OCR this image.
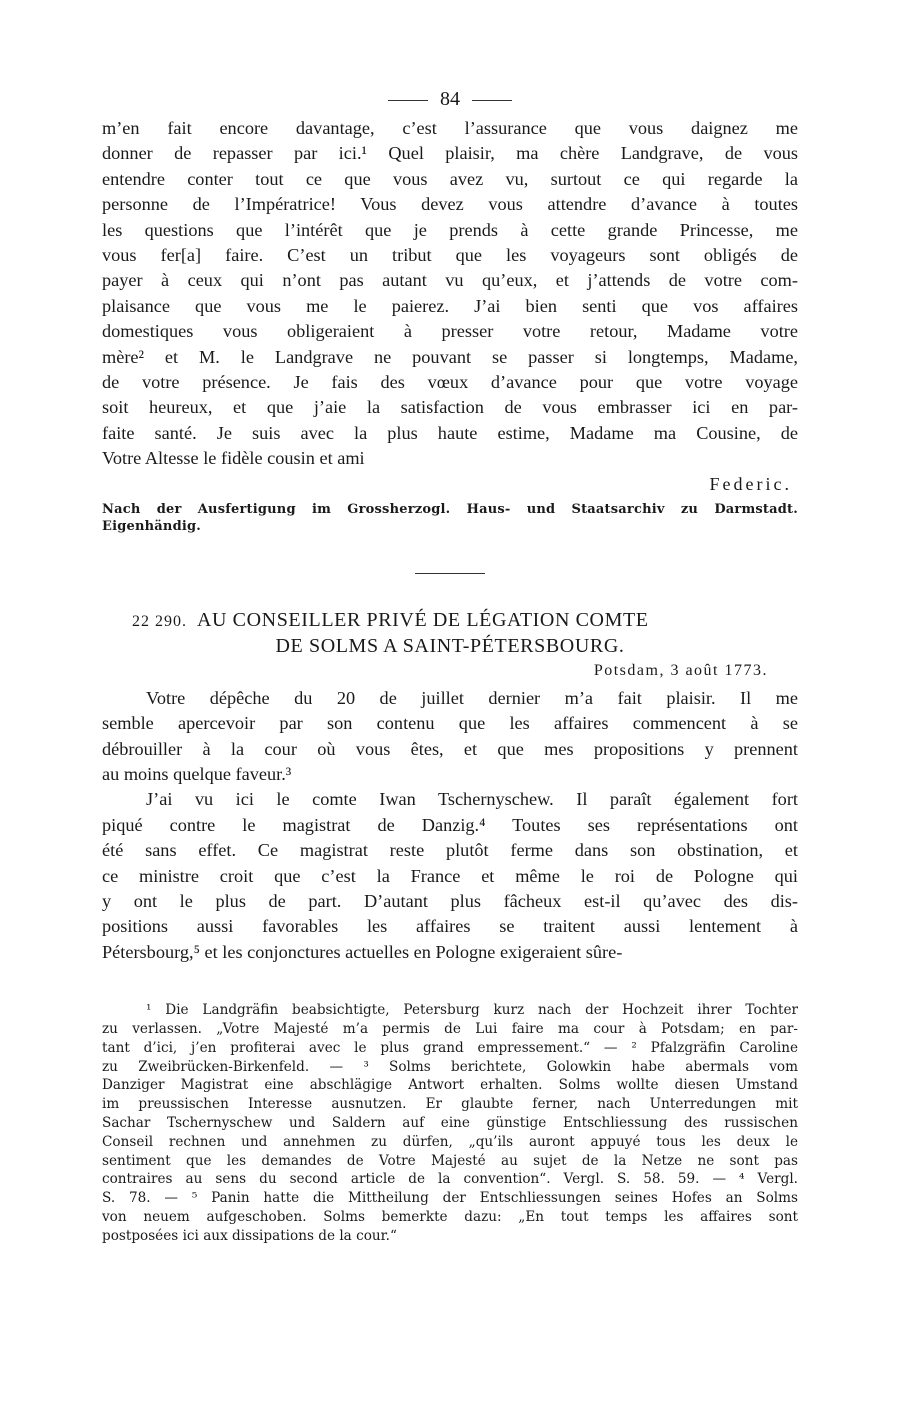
84
m’en fait encore davantage, c’est l’assurance que vous daignez me
donner de repasser par ici.¹ Quel plaisir, ma chère Landgrave, de vous
entendre conter tout ce que vous avez vu, surtout ce qui regarde la
personne de l’Impératrice! Vous devez vous attendre d’avance à toutes
les questions que l’intérêt que je prends à cette grande Princesse, me
vous fer[a] faire. C’est un tribut que les voyageurs sont obligés de
payer à ceux qui n’ont pas autant vu qu’eux, et j’attends de votre com-
plaisance que vous me le paierez. J’ai bien senti que vos affaires
domestiques vous obligeraient à presser votre retour, Madame votre
mère² et M. le Landgrave ne pouvant se passer si longtemps, Madame,
de votre présence. Je fais des vœux d’avance pour que votre voyage
soit heureux, et que j’aie la satisfaction de vous embrasser ici en par-
faite santé. Je suis avec la plus haute estime, Madame ma Cousine, de
Votre Altesse le fidèle cousin et ami
Federic.
Nach der Ausfertigung im Grossherzogl. Haus- und Staatsarchiv zu Darmstadt.
Eigenhändig.
22 290. AU CONSEILLER PRIVÉ DE LÉGATION COMTE
DE SOLMS A SAINT-PÉTERSBOURG.
Potsdam, 3 août 1773.
Votre dépêche du 20 de juillet dernier m’a fait plaisir. Il me
semble apercevoir par son contenu que les affaires commencent à se
débrouiller à la cour où vous êtes, et que mes propositions y prennent
au moins quelque faveur.³
J’ai vu ici le comte Iwan Tschernyschew. Il paraît également fort
piqué contre le magistrat de Danzig.⁴ Toutes ses représentations ont
été sans effet. Ce magistrat reste plutôt ferme dans son obstination, et
ce ministre croit que c’est la France et même le roi de Pologne qui
y ont le plus de part. D’autant plus fâcheux est-il qu’avec des dis-
positions aussi favorables les affaires se traitent aussi lentement à
Pétersbourg,⁵ et les conjonctures actuelles en Pologne exigeraient sûre-
¹ Die Landgräfin beabsichtigte, Petersburg kurz nach der Hochzeit ihrer Tochter
zu verlassen. „Votre Majesté m’a permis de Lui faire ma cour à Potsdam; en par-
tant d’ici, j’en profiterai avec le plus grand empressement.“ — ² Pfalzgräfin Caroline
zu Zweibrücken-Birkenfeld. — ³ Solms berichtete, Golowkin habe abermals vom
Danziger Magistrat eine abschlägige Antwort erhalten. Solms wollte diesen Umstand
im preussischen Interesse ausnutzen. Er glaubte ferner, nach Unterredungen mit
Sachar Tschernyschew und Saldern auf eine günstige Entschliessung des russischen
Conseil rechnen und annehmen zu dürfen, „qu’ils auront appuyé tous les deux le
sentiment que les demandes de Votre Majesté au sujet de la Netze ne sont pas
contraires au sens du second article de la convention“. Vergl. S. 58. 59. — ⁴ Vergl.
S. 78. — ⁵ Panin hatte die Mittheilung der Entschliessungen seines Hofes an Solms
von neuem aufgeschoben. Solms bemerkte dazu: „En tout temps les affaires sont
postposées ici aux dissipations de la cour.“
